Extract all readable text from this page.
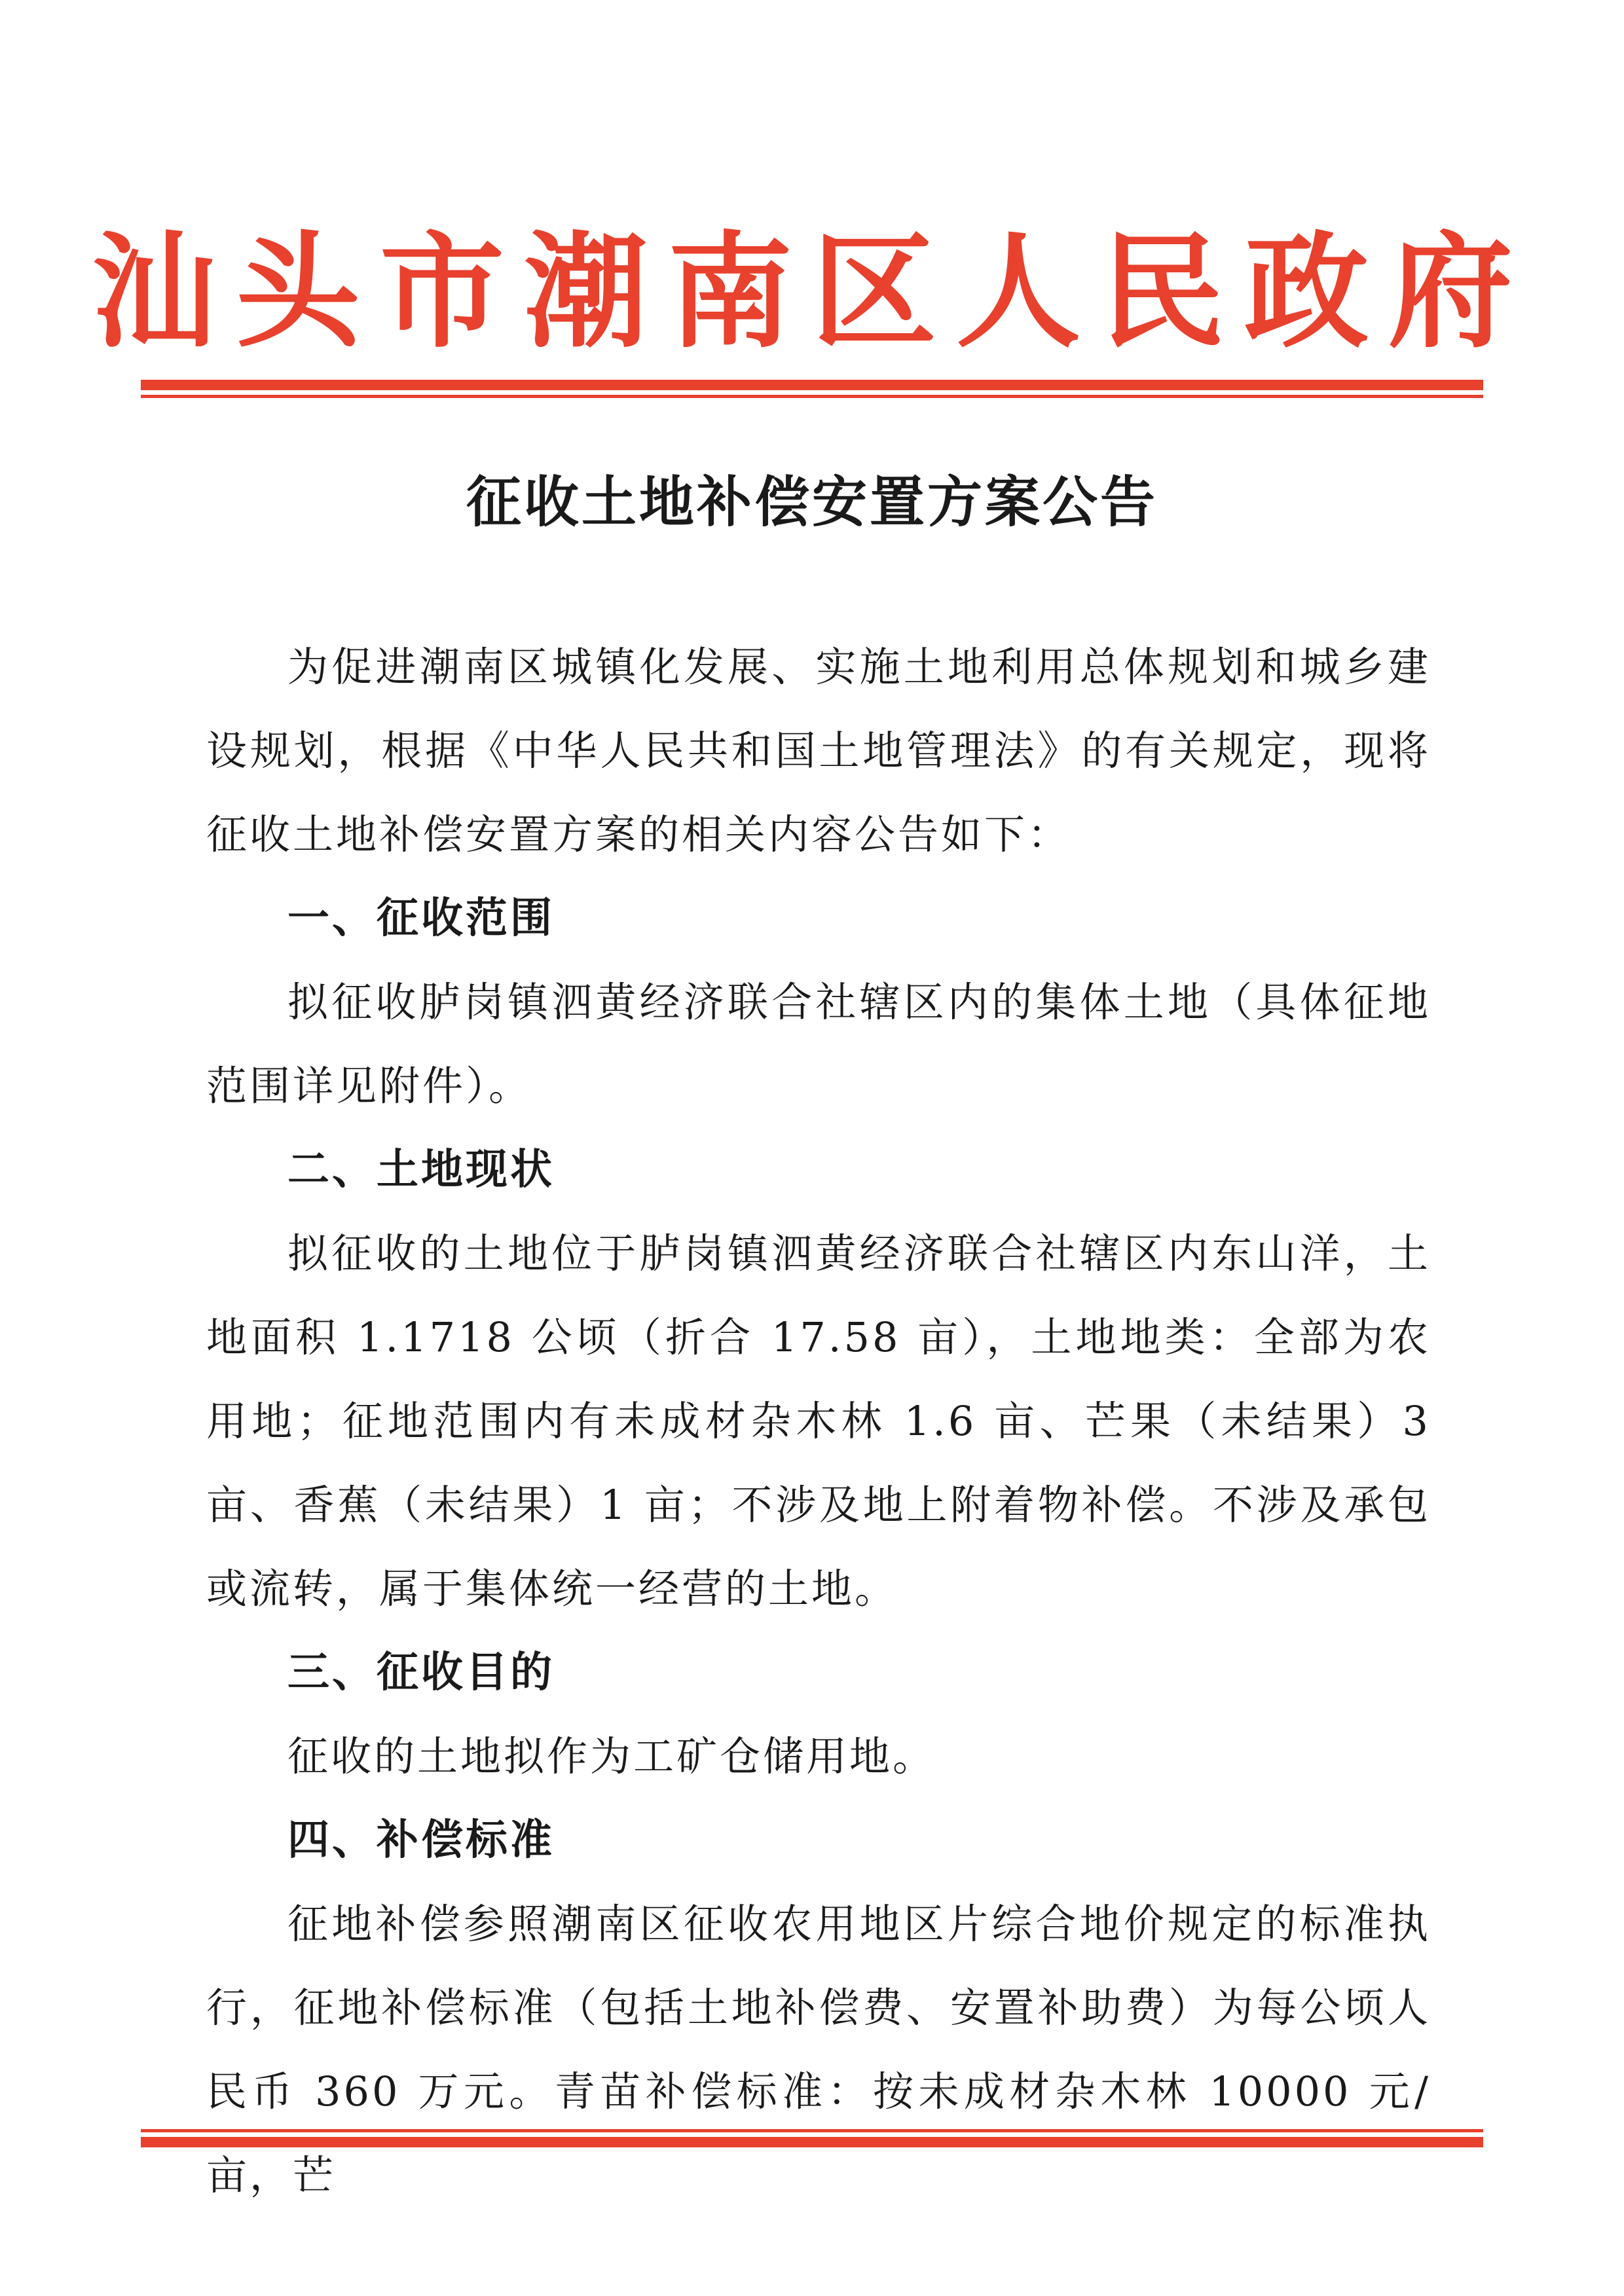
汕头市潮南区人民政府
征收土地补偿安置方案公告

为促进潮南区城镇化发展、实施土地利用总体规划和城乡建设规划，根据《中华人民共和国土地管理法》的有关规定，现将征收土地补偿安置方案的相关内容公告如下：

一、征收范围

拟征收胪岗镇泗黄经济联合社辖区内的集体土地（具体征地范围详见附件）。

二、土地现状

拟征收的土地位于胪岗镇泗黄经济联合社辖区内东山洋，土地面积 1.1718 公顷（折合 17.58 亩），土地地类：全部为农用地；征地范围内有未成材杂木林 1.6 亩、芒果（未结果）3 亩、香蕉（未结果）1 亩；不涉及地上附着物补偿。不涉及承包或流转，属于集体统一经营的土地。

三、征收目的

征收的土地拟作为工矿仓储用地。

四、补偿标准

征地补偿参照潮南区征收农用地区片综合地价规定的标准执行，征地补偿标准（包括土地补偿费、安置补助费）为每公顷人民币 360 万元。青苗补偿标准：按未成材杂木林 10000 元/亩，芒
